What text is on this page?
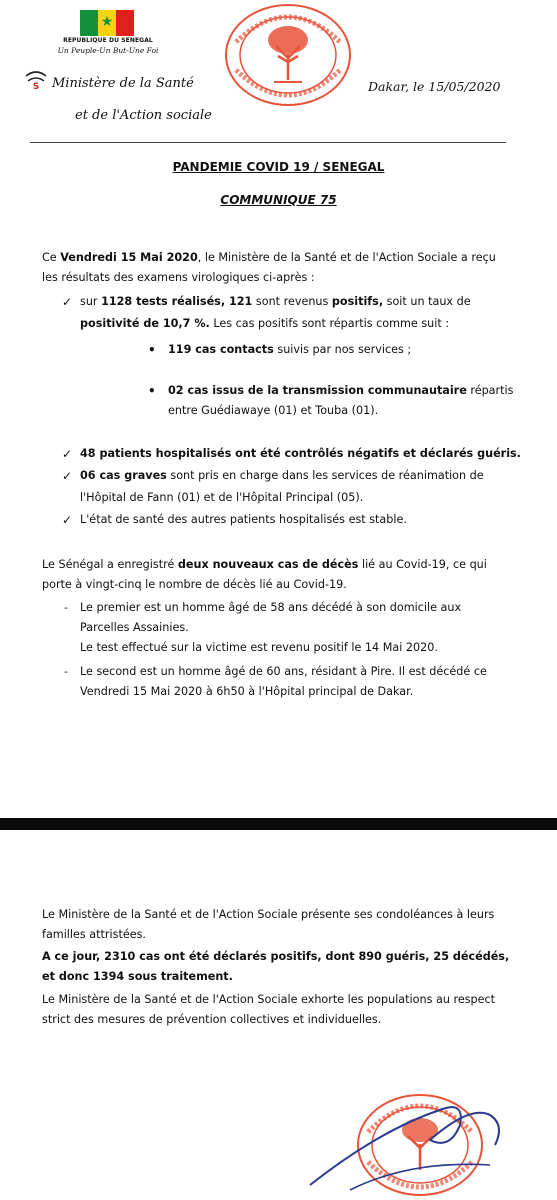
★
REPUBLIQUE DU SENEGAL
Un Peuple-Un But-Une Foi
S Ministère de la Santé
et de l'Action sociale
Dakar, le 15/05/2020
PANDEMIE COVID 19 / SENEGAL
COMMUNIQUE 75
Ce Vendredi 15 Mai 2020, le Ministère de la Santé et de l'Action Sociale a reçu
les résultats des examens virologiques ci-après :
✓ sur 1128 tests réalisés, 121 sont revenus positifs, soit un taux de
positivité de 10,7 %. Les cas positifs sont répartis comme suit :
• 119 cas contacts suivis par nos services ;
• 02 cas issus de la transmission communautaire répartis
entre Guédiawaye (01) et Touba (01).
✓ 48 patients hospitalisés ont été contrôlés négatifs et déclarés guéris.
✓ 06 cas graves sont pris en charge dans les services de réanimation de
l'Hôpital de Fann (01) et de l'Hôpital Principal (05).
✓ L'état de santé des autres patients hospitalisés est stable.
Le Sénégal a enregistré deux nouveaux cas de décès lié au Covid-19, ce qui
porte à vingt-cinq le nombre de décès lié au Covid-19.
- Le premier est un homme âgé de 58 ans décédé à son domicile aux
Parcelles Assainies.
Le test effectué sur la victime est revenu positif le 14 Mai 2020.
- Le second est un homme âgé de 60 ans, résidant à Pire. Il est décédé ce
Vendredi 15 Mai 2020 à 6h50 à l'Hôpital principal de Dakar.
Le Ministère de la Santé et de l'Action Sociale présente ses condoléances à leurs
familles attristées.
A ce jour, 2310 cas ont été déclarés positifs, dont 890 guéris, 25 décédés,
et donc 1394 sous traitement.
Le Ministère de la Santé et de l'Action Sociale exhorte les populations au respect
strict des mesures de prévention collectives et individuelles.
